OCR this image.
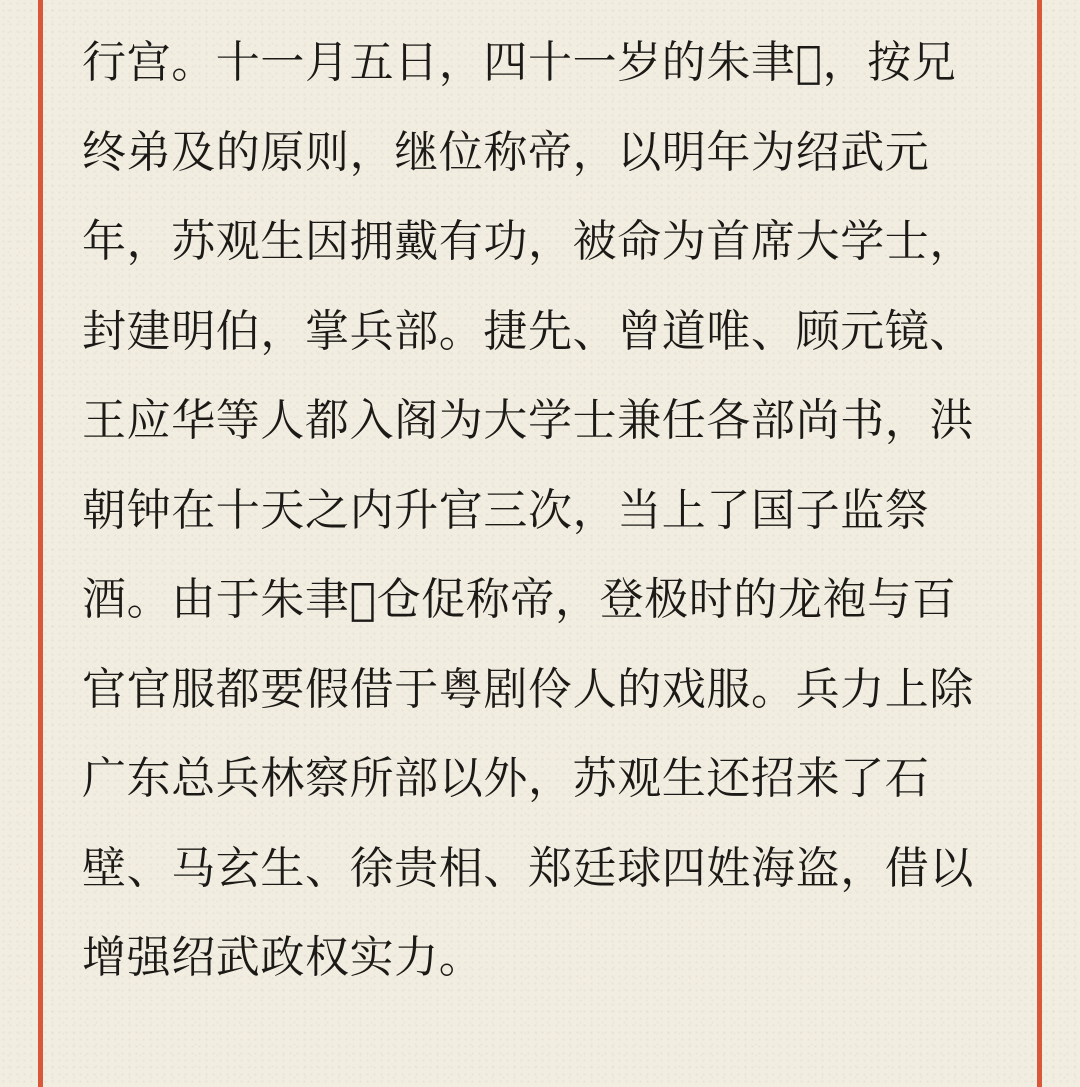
行宫。十一月五日，四十一岁的朱聿𨮁，按兄
终弟及的原则，继位称帝，以明年为绍武元
年，苏观生因拥戴有功，被命为首席大学士，
封建明伯，掌兵部。捷先、曾道唯、顾元镜、
王应华等人都入阁为大学士兼任各部尚书，洪
朝钟在十天之内升官三次，当上了国子监祭
酒。由于朱聿𨮁仓促称帝，登极时的龙袍与百
官官服都要假借于粤剧伶人的戏服。兵力上除
广东总兵林察所部以外，苏观生还招来了石
壁、马玄生、徐贵相、郑廷球四姓海盗，借以
增强绍武政权实力。
